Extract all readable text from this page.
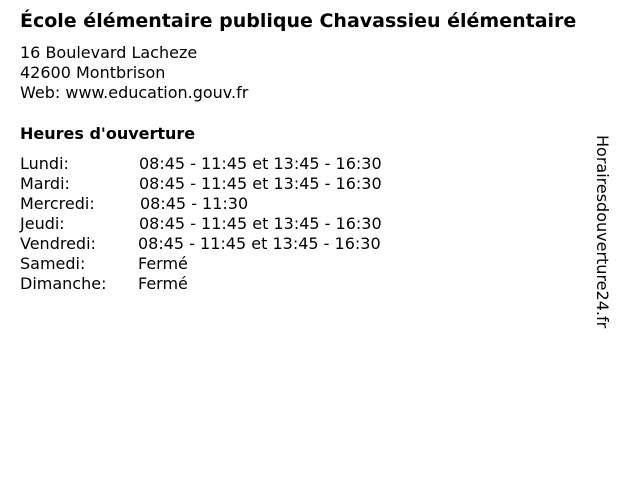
École élémentaire publique Chavassieu élémentaire
16 Boulevard Lacheze
42600 Montbrison
Web: www.education.gouv.fr
Heures d'ouverture
Lundi:	08:45 - 11:45 et 13:45 - 16:30
Mardi:	08:45 - 11:45 et 13:45 - 16:30
Mercredi:	08:45 - 11:30
Jeudi:	08:45 - 11:45 et 13:45 - 16:30
Vendredi:	08:45 - 11:45 et 13:45 - 16:30
Samedi:	Fermé
Dimanche: Fermé	Horairesdouverture24.fr
